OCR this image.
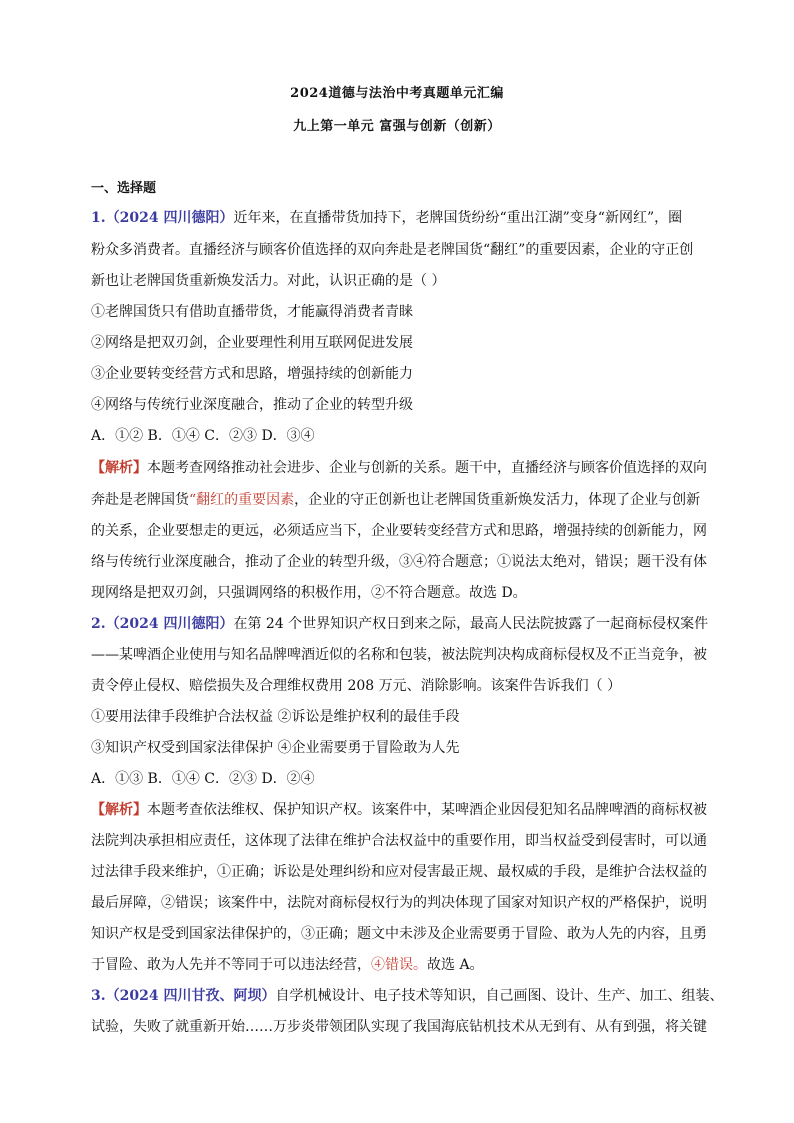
2024道德与法治中考真题单元汇编
九上第一单元 富强与创新（创新）
一、选择题
1.（2024 四川德阳）近年来，在直播带货加持下，老牌国货纷纷“重出江湖”变身“新网红”，圈
粉众多消费者。直播经济与顾客价值选择的双向奔赴是老牌国货“翻红”的重要因素，企业的守正创
新也让老牌国货重新焕发活力。对此，认识正确的是（ ）
①老牌国货只有借助直播带货，才能赢得消费者青睐
②网络是把双刃剑，企业要理性利用互联网促进发展
③企业要转变经营方式和思路，增强持续的创新能力
④网络与传统行业深度融合，推动了企业的转型升级
A．①② B．①④ C．②③ D．③④
【解析】本题考查网络推动社会进步、企业与创新的关系。题干中，直播经济与顾客价值选择的双向
奔赴是老牌国货“翻红的重要因素，企业的守正创新也让老牌国货重新焕发活力，体现了企业与创新
的关系，企业要想走的更远，必须适应当下，企业要转变经营方式和思路，增强持续的创新能力，网
络与传统行业深度融合，推动了企业的转型升级，③④符合题意；①说法太绝对，错误；题干没有体
现网络是把双刃剑，只强调网络的积极作用，②不符合题意。故选 D。
2.（2024 四川德阳）在第 24 个世界知识产权日到来之际，最高人民法院披露了一起商标侵权案件
——某啤酒企业使用与知名品牌啤酒近似的名称和包装，被法院判决构成商标侵权及不正当竞争，被
责令停止侵权、赔偿损失及合理维权费用 208 万元、消除影响。该案件告诉我们（ ）
①要用法律手段维护合法权益 ②诉讼是维护权利的最佳手段
③知识产权受到国家法律保护 ④企业需要勇于冒险敢为人先
A．①③ B．①④ C．②③ D．②④
【解析】本题考查依法维权、保护知识产权。该案件中，某啤酒企业因侵犯知名品牌啤酒的商标权被
法院判决承担相应责任，这体现了法律在维护合法权益中的重要作用，即当权益受到侵害时，可以通
过法律手段来维护，①正确；诉讼是处理纠纷和应对侵害最正规、最权威的手段，是维护合法权益的
最后屏障，②错误；该案件中，法院对商标侵权行为的判决体现了国家对知识产权的严格保护，说明
知识产权是受到国家法律保护的，③正确；题文中未涉及企业需要勇于冒险、敢为人先的内容，且勇
于冒险、敢为人先并不等同于可以违法经营，④错误。故选 A。
3.（2024 四川甘孜、阿坝）自学机械设计、电子技术等知识，自己画图、设计、生产、加工、组装、
试验，失败了就重新开始……万步炎带领团队实现了我国海底钻机技术从无到有、从有到强，将关键
